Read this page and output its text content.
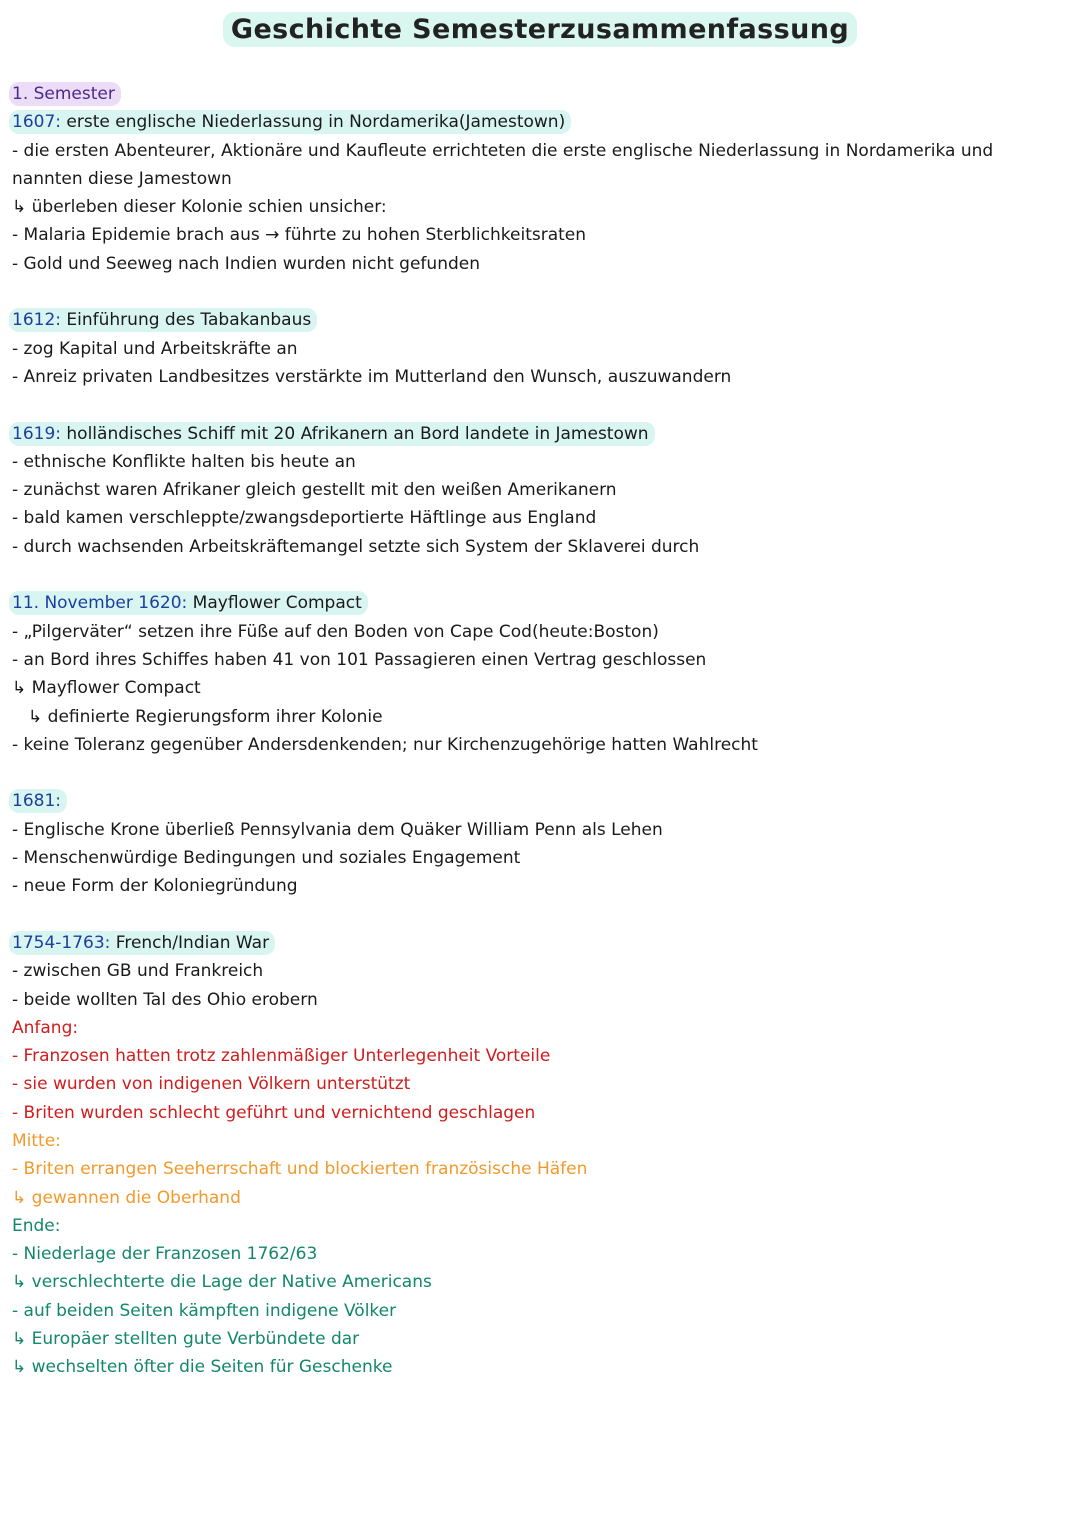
Geschichte Semesterzusammenfassung
1. Semester
1607: erste englische Niederlassung in Nordamerika(Jamestown)
- die ersten Abenteurer, Aktionäre und Kaufleute errichteten die erste englische Niederlassung in Nordamerika und nannten diese Jamestown
↳ überleben dieser Kolonie schien unsicher:
- Malaria Epidemie brach aus → führte zu hohen Sterblichkeitsraten
- Gold und Seeweg nach Indien wurden nicht gefunden
1612: Einführung des Tabakanbaus
- zog Kapital und Arbeitskräfte an
- Anreiz privaten Landbesitzes verstärkte im Mutterland den Wunsch, auszuwandern
1619: holländisches Schiff mit 20 Afrikanern an Bord landete in Jamestown
- ethnische Konflikte halten bis heute an
- zunächst waren Afrikaner gleich gestellt mit den weißen Amerikanern
- bald kamen verschleppte/zwangsdeportierte Häftlinge aus England
- durch wachsenden Arbeitskräftemangel setzte sich System der Sklaverei durch
11. November 1620: Mayflower Compact
- „Pilgerväter“ setzen ihre Füße auf den Boden von Cape Cod(heute:Boston)
- an Bord ihres Schiffes haben 41 von 101 Passagieren einen Vertrag geschlossen
↳ Mayflower Compact
↳ definierte Regierungsform ihrer Kolonie
- keine Toleranz gegenüber Andersdenkenden; nur Kirchenzugehörige hatten Wahlrecht
1681:
- Englische Krone überließ Pennsylvania dem Quäker William Penn als Lehen
- Menschenwürdige Bedingungen und soziales Engagement
- neue Form der Koloniegründung
1754-1763: French/Indian War
- zwischen GB und Frankreich
- beide wollten Tal des Ohio erobern
Anfang:
- Franzosen hatten trotz zahlenmäßiger Unterlegenheit Vorteile
- sie wurden von indigenen Völkern unterstützt
- Briten wurden schlecht geführt und vernichtend geschlagen
Mitte:
- Briten errangen Seeherrschaft und blockierten französische Häfen
↳ gewannen die Oberhand
Ende:
- Niederlage der Franzosen 1762/63
↳ verschlechterte die Lage der Native Americans
- auf beiden Seiten kämpften indigene Völker
↳ Europäer stellten gute Verbündete dar
↳ wechselten öfter die Seiten für Geschenke
